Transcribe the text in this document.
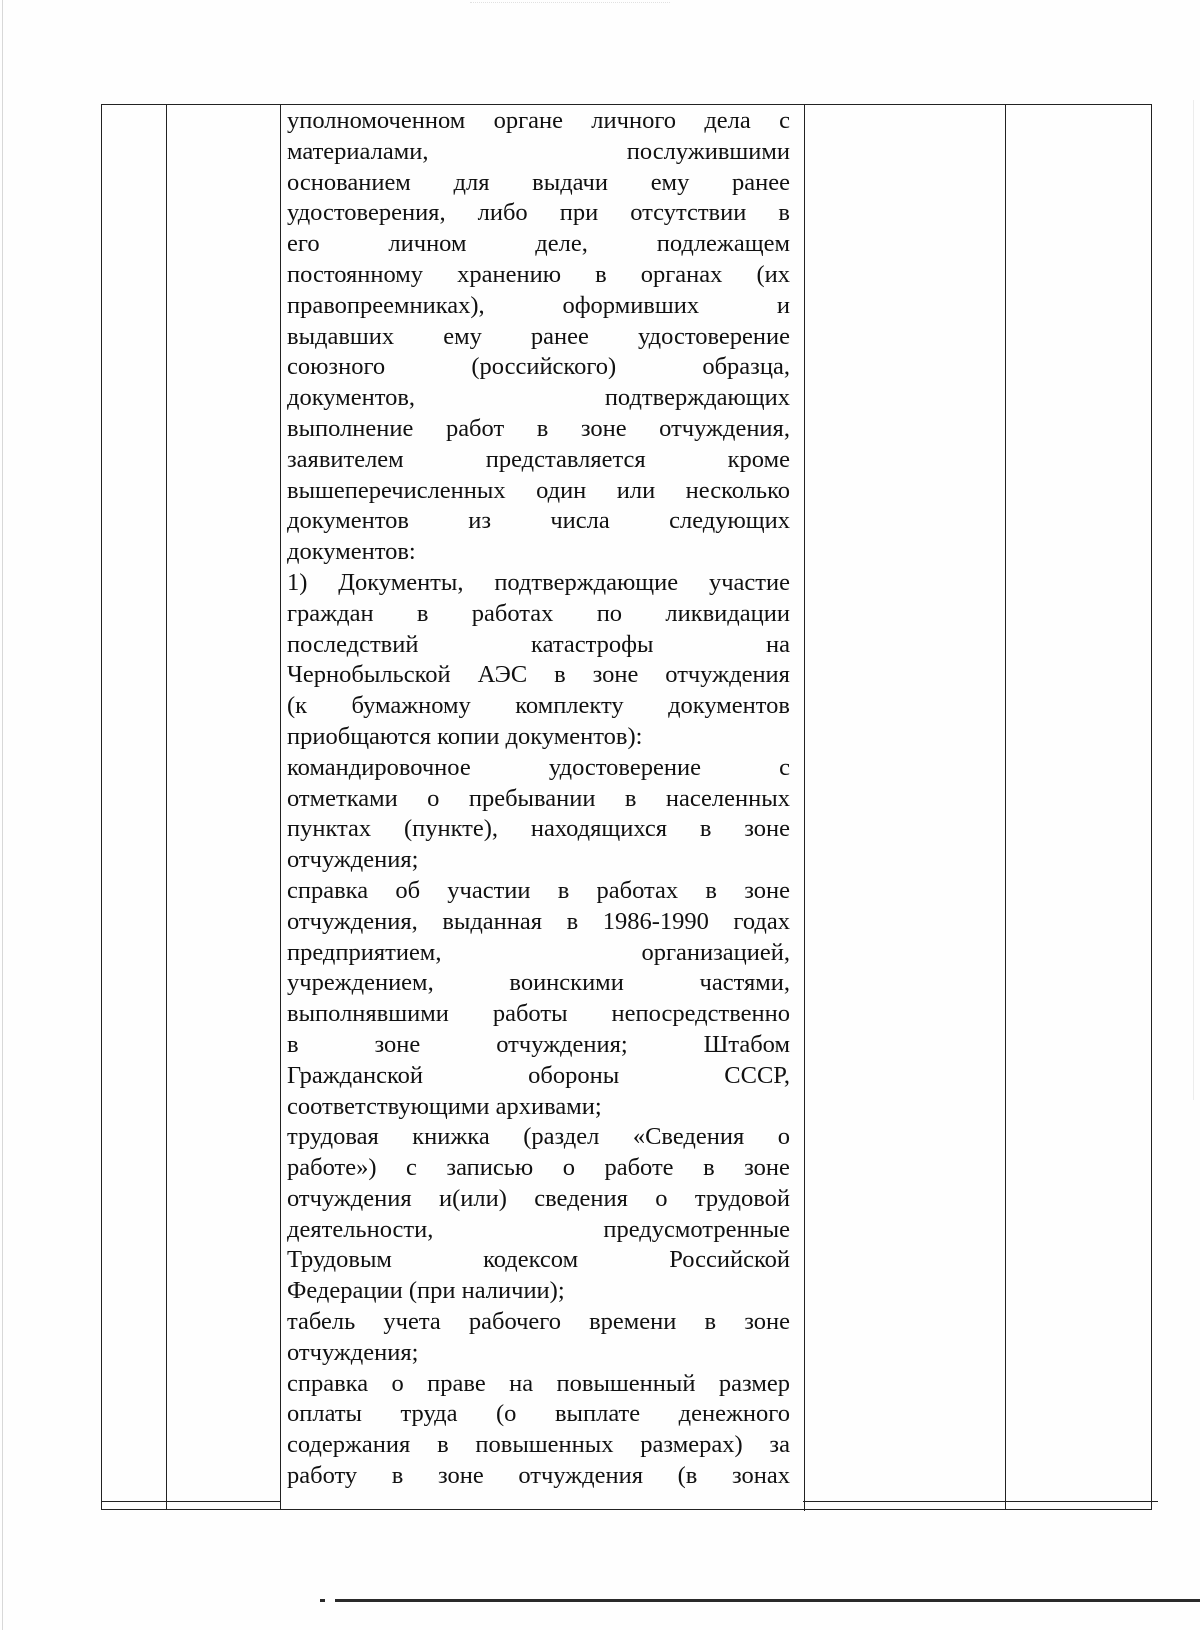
уполномоченном органе личного дела с
материалами,	послужившими
основанием для выдачи ему ранее
удостоверения, либо при отсутствии в
его	личном	деле,	подлежащем
постоянному хранению в органах (их
правопреемниках),	оформивших	и
выдавших ему ранее удостоверение
союзного	(российского)	образца,
документов,	подтверждающих
выполнение работ в зоне отчуждения,
заявителем	представляется	кроме
вышеперечисленных один или несколько
документов из числа следующих
документов:
1) Документы, подтверждающие участие
граждан в работах по ликвидации
последствий	катастрофы	на
Чернобыльской АЭС в зоне отчуждения
(к бумажному комплекту документов
приобщаются копии документов):
командировочное	удостоверение	с
отметками о пребывании в населенных
пунктах (пункте), находящихся в зоне
отчуждения;
справка об участии в работах в зоне
отчуждения, выданная в 1986-1990 годах
предприятием,	организацией,
учреждением,	воинскими	частями,
выполнявшими работы непосредственно
в	зоне	отчуждения;	Штабом
Гражданской	обороны	СССР,
соответствующими архивами;
трудовая книжка (раздел «Сведения о
работе») с записью о работе в зоне
отчуждения и(или) сведения о трудовой
деятельности,	предусмотренные
Трудовым	кодексом	Российской
Федерации (при наличии);
табель учета рабочего времени в зоне
отчуждения;
справка о праве на повышенный размер
оплаты труда (о выплате денежного
содержания в повышенных размерах) за
работу в зоне отчуждения (в зонах
